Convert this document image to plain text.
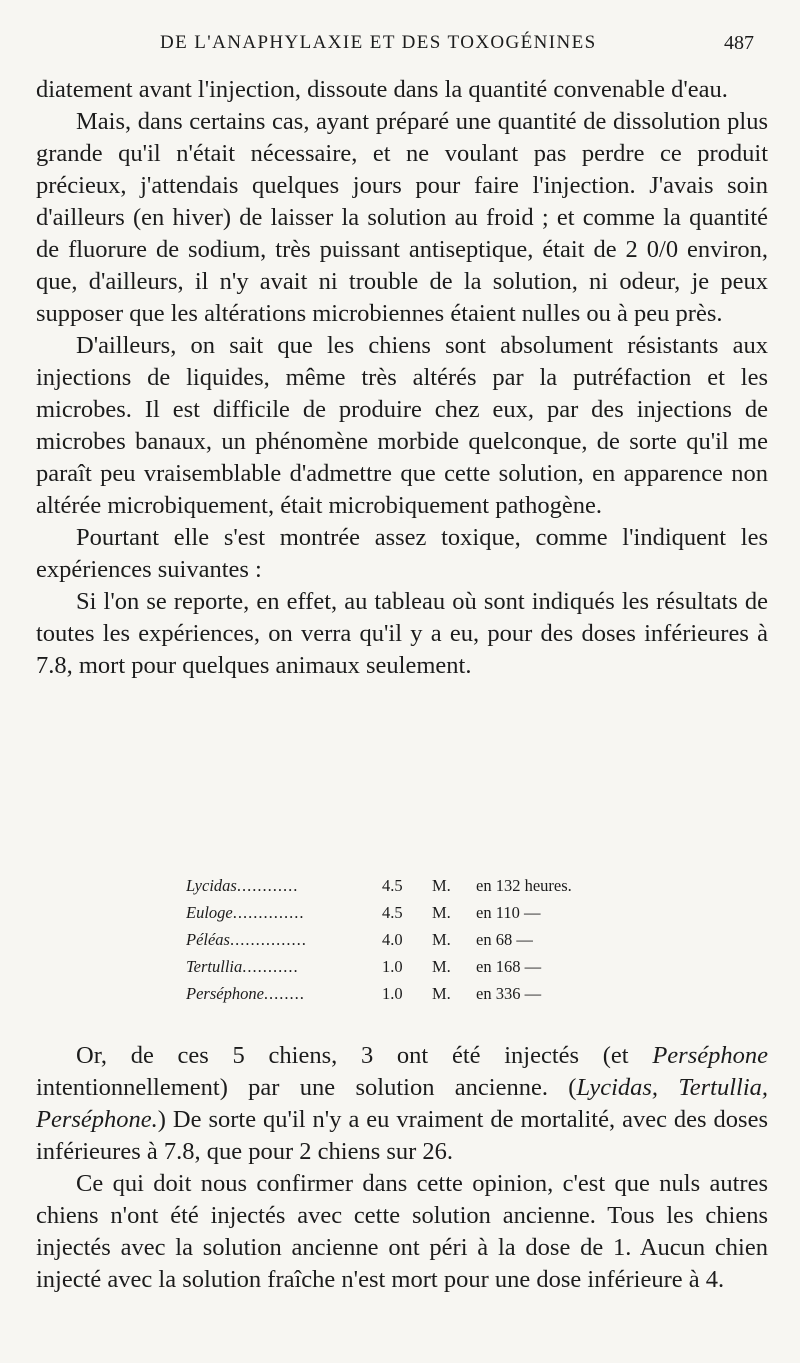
DE L'ANAPHYLAXIE ET DES TOXOGÉNINES	487

diatement avant l'injection, dissoute dans la quantité convenable d'eau.

Mais, dans certains cas, ayant préparé une quantité de dissolution plus grande qu'il n'était nécessaire, et ne voulant pas perdre ce produit précieux, j'attendais quelques jours pour faire l'injection. J'avais soin d'ailleurs (en hiver) de laisser la solution au froid ; et comme la quantité de fluorure de sodium, très puissant antiseptique, était de 2 0/0 environ, que, d'ailleurs, il n'y avait ni trouble de la solution, ni odeur, je peux supposer que les altérations microbiennes étaient nulles ou à peu près.

D'ailleurs, on sait que les chiens sont absolument résistants aux injections de liquides, même très altérés par la putréfaction et les microbes. Il est difficile de produire chez eux, par des injections de microbes banaux, un phénomène morbide quelconque, de sorte qu'il me paraît peu vraisemblable d'admettre que cette solution, en apparence non altérée microbiquement, était microbiquement pathogène.

Pourtant elle s'est montrée assez toxique, comme l'indiquent les expériences suivantes :

Si l'on se reporte, en effet, au tableau où sont indiqués les résultats de toutes les expériences, on verra qu'il y a eu, pour des doses inférieures à 7.8, mort pour quelques animaux seulement.

Lycidas............	4.5	M.	en 132 heures.
Euloge..............	4.5	M.	en 110 —
Péléas...............	4.0	M.	en 68 —
Tertullia...........	1.0	M.	en 168 —
Perséphone........	1.0	M.	en 336 —

Or, de ces 5 chiens, 3 ont été injectés (et Perséphone intentionnellement) par une solution ancienne. (Lycidas, Tertullia, Perséphone.) De sorte qu'il n'y a eu vraiment de mortalité, avec des doses inférieures à 7.8, que pour 2 chiens sur 26.

Ce qui doit nous confirmer dans cette opinion, c'est que nuls autres chiens n'ont été injectés avec cette solution ancienne. Tous les chiens injectés avec la solution ancienne ont péri à la dose de 1. Aucun chien injecté avec la solution fraîche n'est mort pour une dose inférieure à 4.
